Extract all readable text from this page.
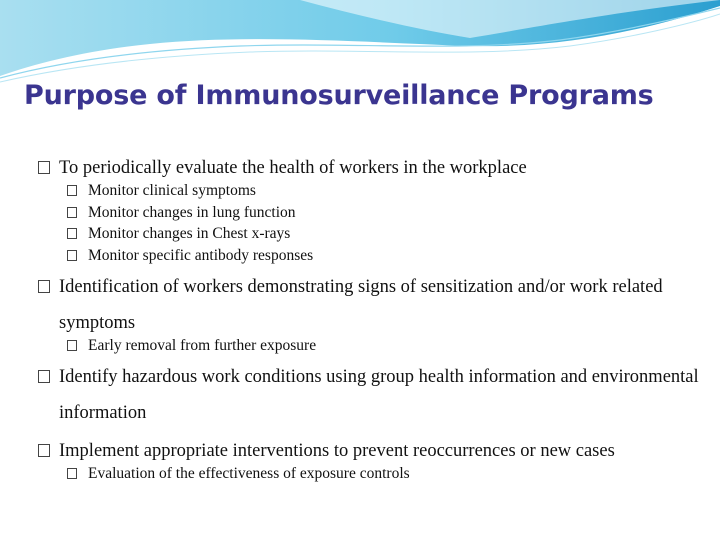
Purpose of Immunosurveillance Programs
To periodically evaluate the health of workers in the workplace
Monitor clinical symptoms
Monitor changes in lung function
Monitor changes in Chest x-rays
Monitor specific antibody responses
Identification of workers demonstrating signs of sensitization and/or work related symptoms
Early removal from further exposure
Identify hazardous work conditions using group health information and environmental information
Implement appropriate interventions to prevent reoccurrences or new cases
Evaluation of the effectiveness of exposure controls
